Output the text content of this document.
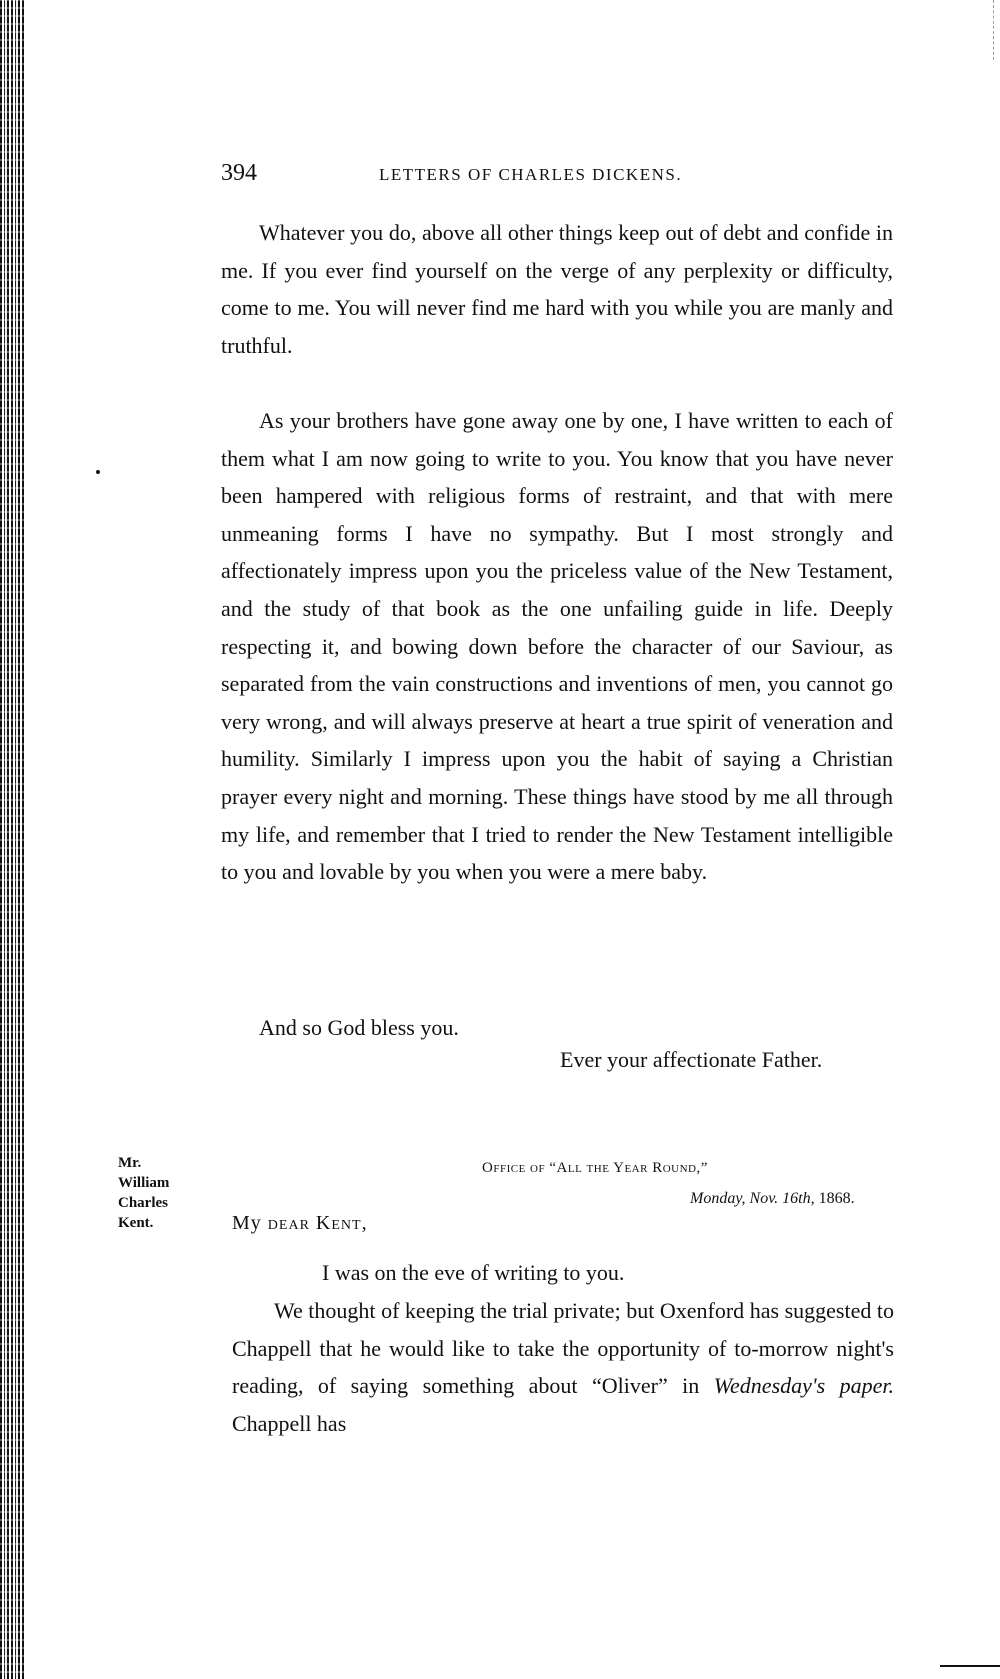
394	LETTERS OF CHARLES DICKENS.

Whatever you do, above all other things keep out of debt and confide in me. If you ever find yourself on the verge of any perplexity or difficulty, come to me. You will never find me hard with you while you are manly and truthful.

As your brothers have gone away one by one, I have written to each of them what I am now going to write to you. You know that you have never been hampered with religious forms of restraint, and that with mere unmeaning forms I have no sympathy. But I most strongly and affectionately impress upon you the priceless value of the New Testament, and the study of that book as the one unfailing guide in life. Deeply respecting it, and bowing down before the character of our Saviour, as separated from the vain constructions and inventions of men, you cannot go very wrong, and will always preserve at heart a true spirit of veneration and humility. Similarly I impress upon you the habit of saying a Christian prayer every night and morning. These things have stood by me all through my life, and remember that I tried to render the New Testament intelligible to you and lovable by you when you were a mere baby.

And so God bless you.

Ever your affectionate Father.
Mr.
William
Charles
Kent.
Office of “All the Year Round,”
Monday, Nov. 16th, 1868.
My dear Kent,

I was on the eve of writing to you.

We thought of keeping the trial private; but Oxenford has suggested to Chappell that he would like to take the opportunity of to-morrow night's reading, of saying something about “Oliver” in Wednesday's paper. Chappell has
